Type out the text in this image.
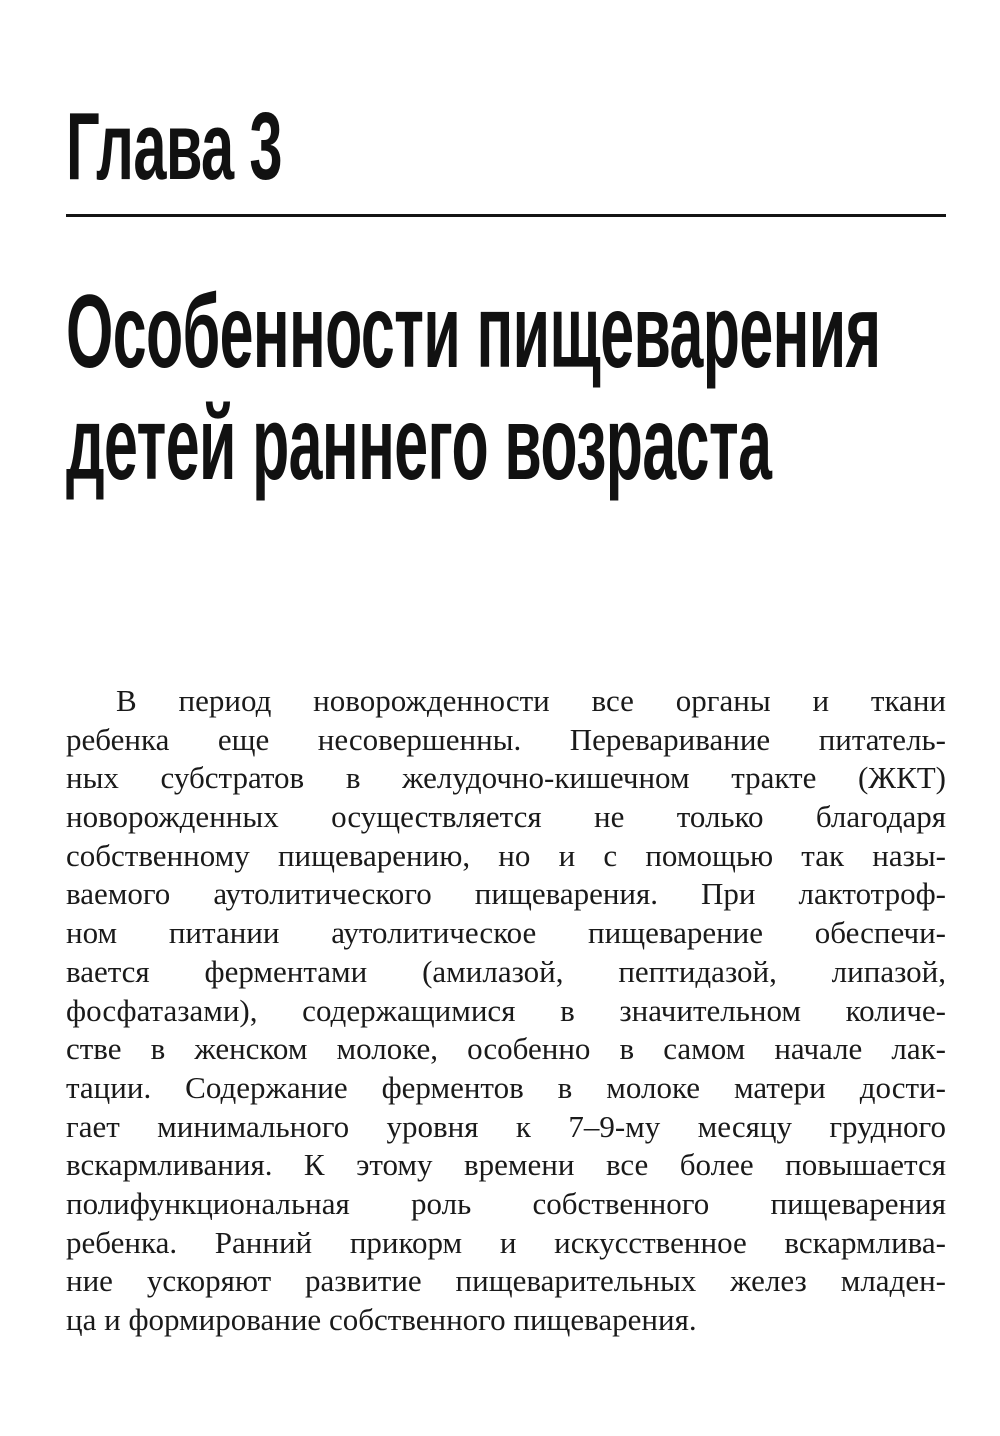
Глава 3
Особенности пищеварения
детей раннего возраста
В период новорожденности все органы и ткани
ребенка еще несовершенны. Переваривание питатель-
ных субстратов в желудочно-кишечном тракте (ЖКТ)
новорожденных осуществляется не только благодаря
собственному пищеварению, но и с помощью так назы-
ваемого аутолитического пищеварения. При лактотроф-
ном питании аутолитическое пищеварение обеспечи-
вается ферментами (амилазой, пептидазой, липазой,
фосфатазами), содержащимися в значительном количе-
стве в женском молоке, особенно в самом начале лак-
тации. Содержание ферментов в молоке матери дости-
гает минимального уровня к 7–9-му месяцу грудного
вскармливания. К этому времени все более повышается
полифункциональная роль собственного пищеварения
ребенка. Ранний прикорм и искусственное вскармлива-
ние ускоряют развитие пищеварительных желез младен-
ца и формирование собственного пищеварения.
